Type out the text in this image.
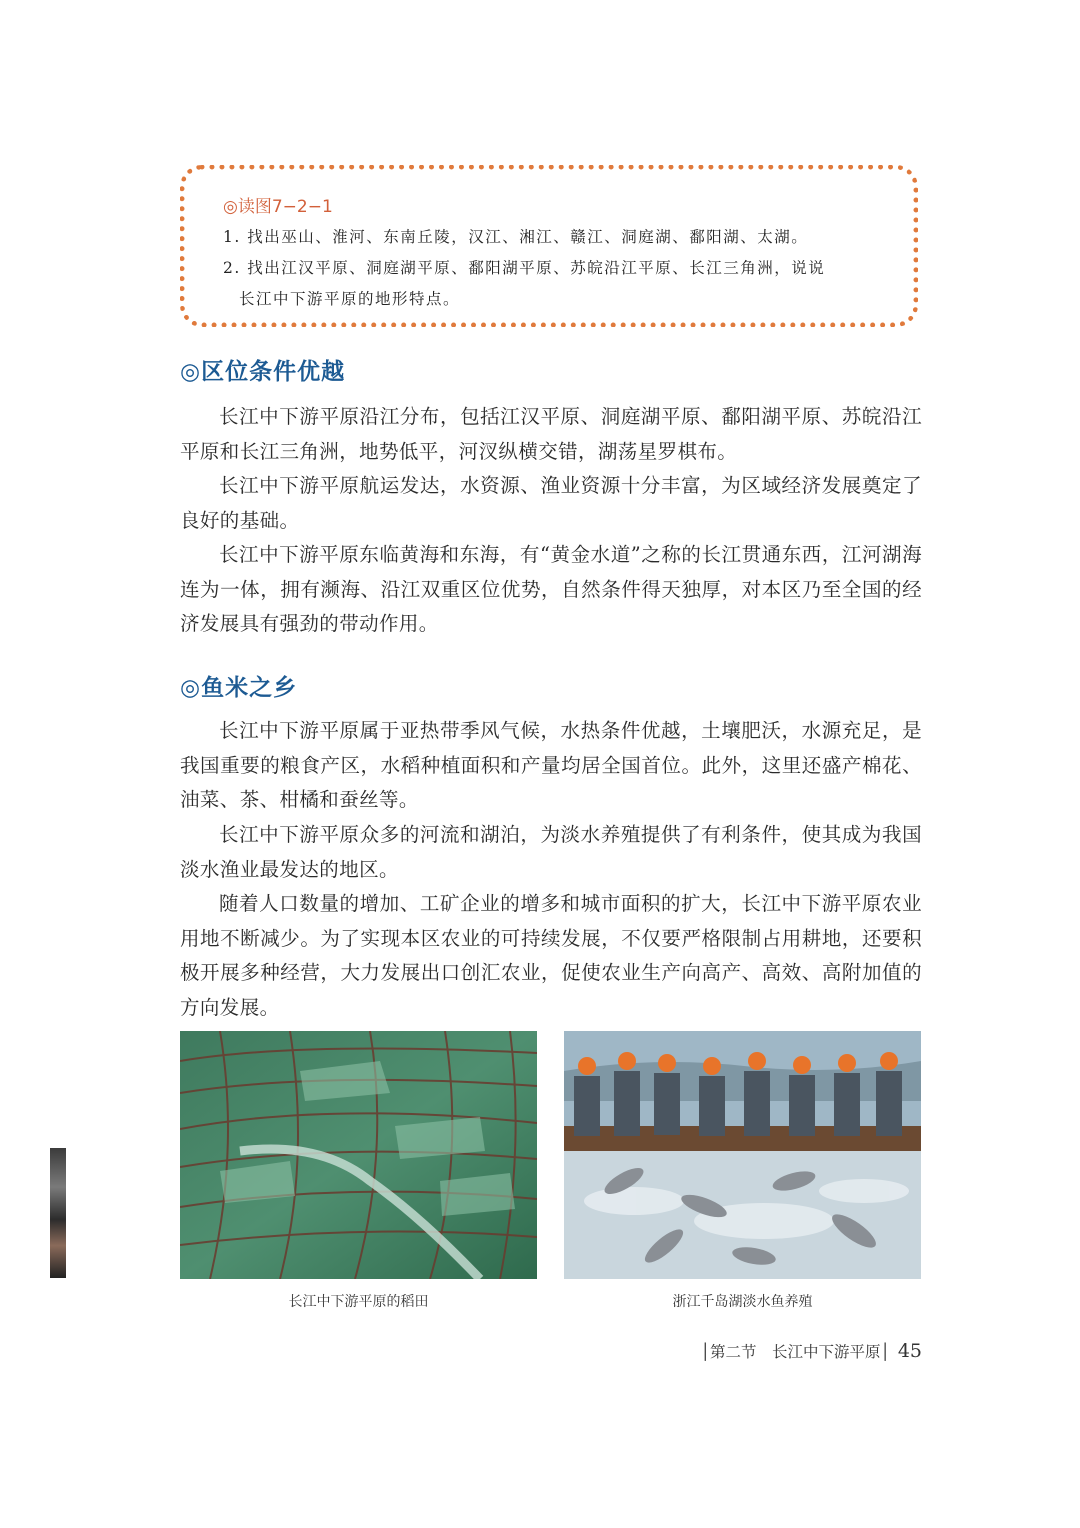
◎读图7−2−1
1. 找出巫山、淮河、东南丘陵，汉江、湘江、赣江、洞庭湖、鄱阳湖、太湖。
2. 找出江汉平原、洞庭湖平原、鄱阳湖平原、苏皖沿江平原、长江三角洲，说说
长江中下游平原的地形特点。
◎区位条件优越

长江中下游平原沿江分布，包括江汉平原、洞庭湖平原、鄱阳湖平原、苏皖沿江平原和长江三角洲，地势低平，河汊纵横交错，湖荡星罗棋布。

长江中下游平原航运发达，水资源、渔业资源十分丰富，为区域经济发展奠定了良好的基础。

长江中下游平原东临黄海和东海，有“黄金水道”之称的长江贯通东西，江河湖海连为一体，拥有濒海、沿江双重区位优势，自然条件得天独厚，对本区乃至全国的经济发展具有强劲的带动作用。

◎鱼米之乡

长江中下游平原属于亚热带季风气候，水热条件优越，土壤肥沃，水源充足，是我国重要的粮食产区，水稻种植面积和产量均居全国首位。此外，这里还盛产棉花、油菜、茶、柑橘和蚕丝等。

长江中下游平原众多的河流和湖泊，为淡水养殖提供了有利条件，使其成为我国淡水渔业最发达的地区。

随着人口数量的增加、工矿企业的增多和城市面积的扩大，长江中下游平原农业用地不断减少。为了实现本区农业的可持续发展，不仅要严格限制占用耕地，还要积极开展多种经营，大力发展出口创汇农业，促使农业生产向高产、高效、高附加值的方向发展。

长江中下游平原的稻田	浙江千岛湖淡水鱼养殖
│第二节　长江中下游平原│ 45
